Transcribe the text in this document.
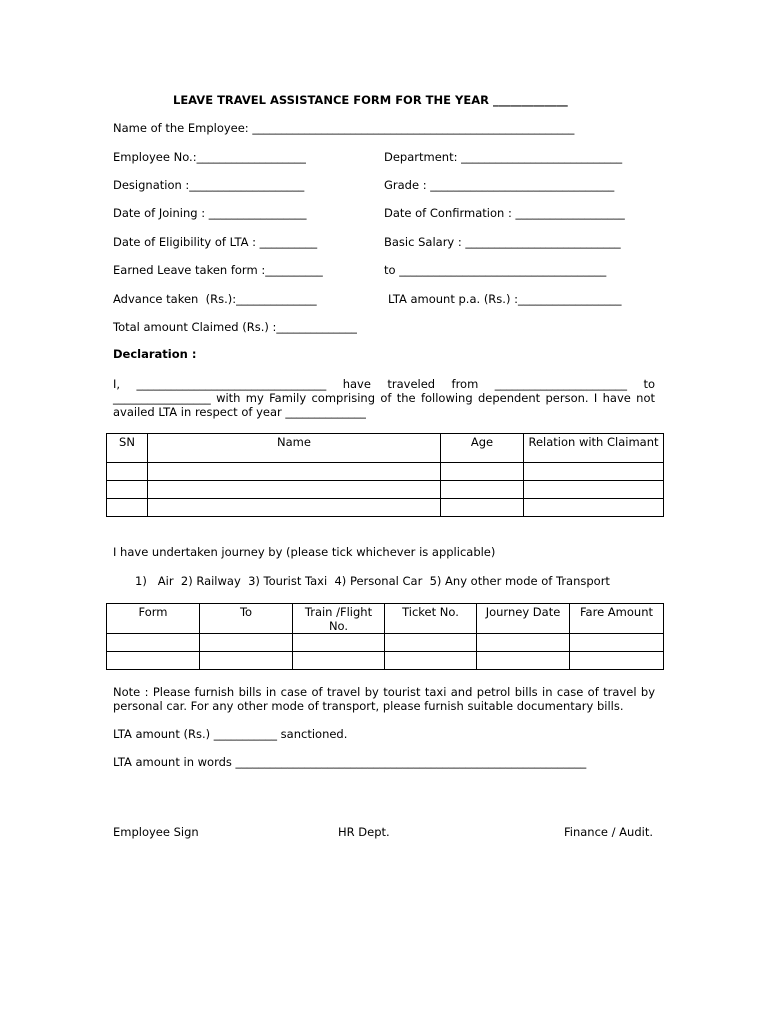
LEAVE TRAVEL ASSISTANCE FORM FOR THE YEAR _____________
Name of the Employee: ________________________________________________________
Employee No.:___________________	Department: ____________________________
Designation :____________________	Grade : ________________________________
Date of Joining : _________________	Date of Confirmation : ___________________
Date of Eligibility of LTA : __________	Basic Salary : ___________________________
Earned Leave taken form :__________	to ____________________________________
Advance taken  (Rs.):______________	LTA amount p.a. (Rs.) :__________________
Total amount Claimed (Rs.) :______________
Declaration :
I, _________________________________ have traveled from _______________________ to _________________ with my Family comprising of the following dependent person. I have not availed LTA in respect of year ______________
SN	Name	Age	Relation with Claimant

I have undertaken journey by (please tick whichever is applicable)
1)   Air  2) Railway  3) Tourist Taxi  4) Personal Car  5) Any other mode of Transport
Form	To	Train /Flight No.	Ticket No.	Journey Date	Fare Amount

Note : Please furnish bills in case of travel by tourist taxi and petrol bills in case of travel by personal car. For any other mode of transport, please furnish suitable documentary bills.
LTA amount (Rs.) ___________ sanctioned.
LTA amount in words _____________________________________________________________
Employee Sign	HR Dept.	Finance / Audit.
